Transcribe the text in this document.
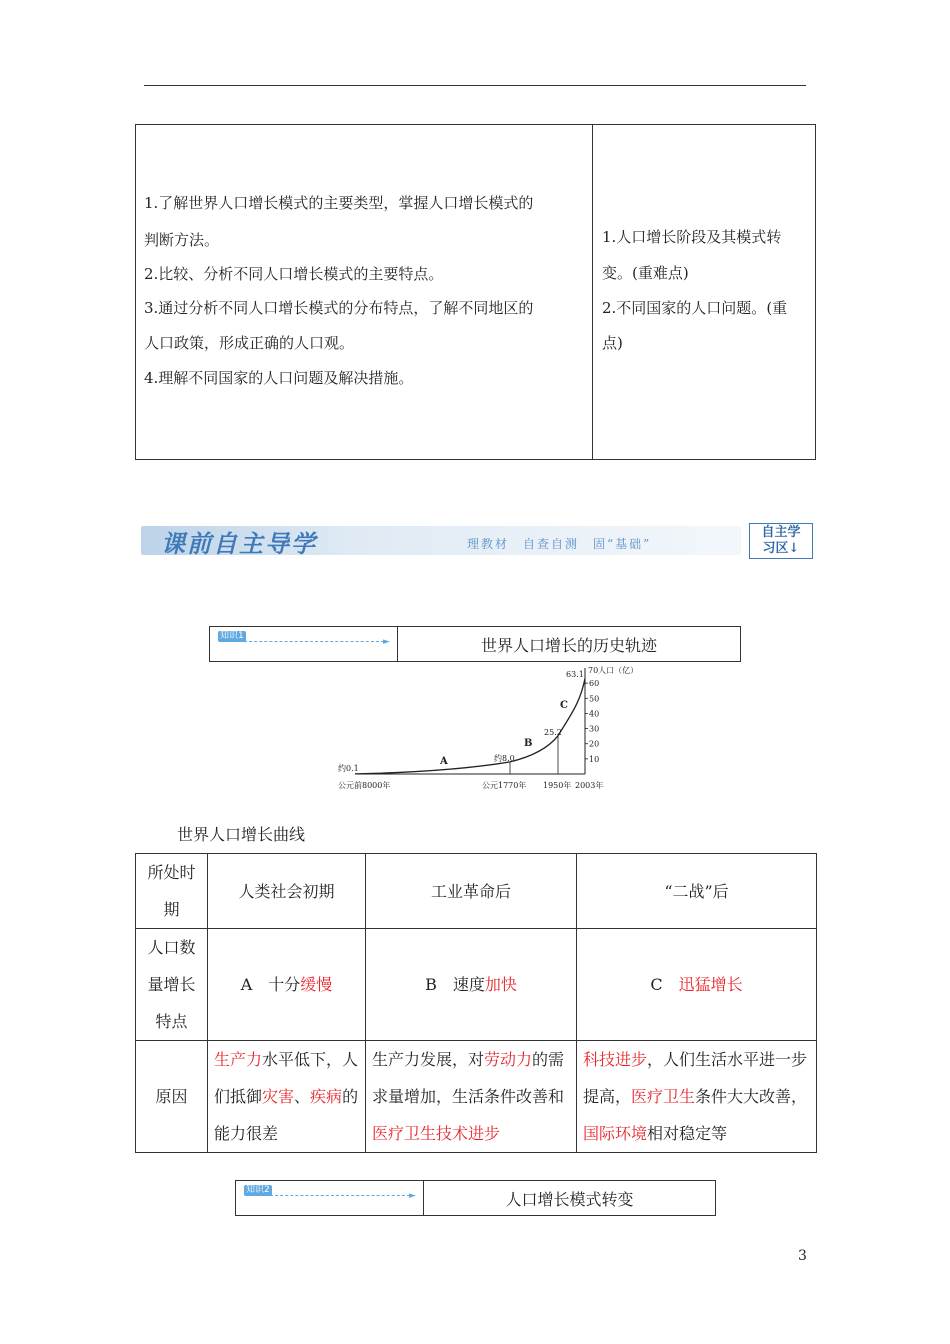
1.了解世界人口增长模式的主要类型，掌握人口增长模式的
判断方法。
2.比较、分析不同人口增长模式的主要特点。
3.通过分析不同人口增长模式的分布特点，了解不同地区的
人口政策，形成正确的人口观。
4.理解不同国家的人口问题及解决措施。
1.人口增长阶段及其模式转
变。(重难点)
2.不同国家的人口问题。(重
点)
课前自主导学	理教材　自查自测　固“基础”
自主学
习区↓
知识1
►	世界人口增长的历史轨迹
60
50
40
30
20
10
70人口（亿）
约0.1
约8.0
25.2
63.1
A
B
C
公元前8000年	公元1770年 1950年 2003年
世界人口增长曲线
所处时期	人类社会初期	工业革命后	“二战”后
人口数量增长特点	A　 十分缓慢	B　 速度加快	C　 迅猛增长
原因	生产力水平低下，人们抵御灾害、疾病的能力很差	生产力发展，对劳动力的需求量增加，生活条件改善和医疗卫生技术进步	科技进步，人们生活水平进一步提高，医疗卫生条件大大改善，国际环境相对稳定等
知识2
►	人口增长模式转变
3
